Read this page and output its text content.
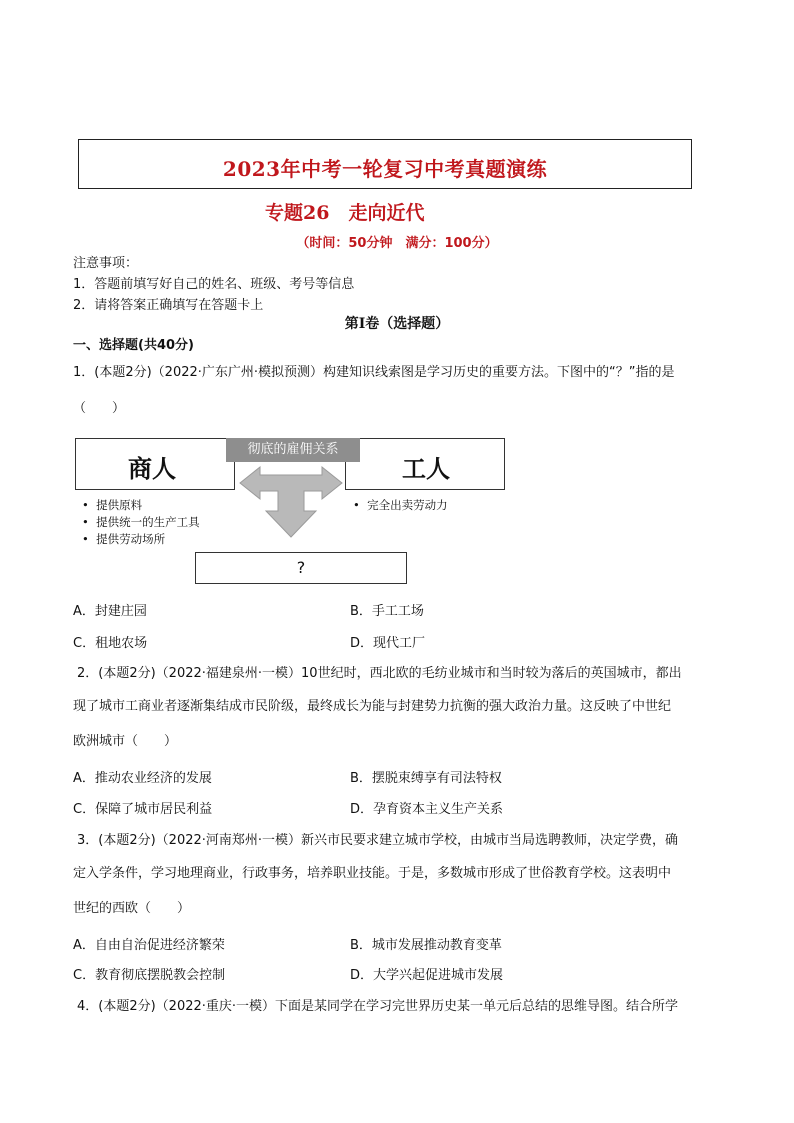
2023年中考一轮复习中考真题演练
专题26　走向近代
（时间：50分钟　满分：100分）
注意事项：
1．答题前填写好自己的姓名、班级、考号等信息
2．请将答案正确填写在答题卡上
第I卷（选择题）
一、选择题(共40分)
1．(本题2分)（2022·广东广州·模拟预测）构建知识线索图是学习历史的重要方法。下图中的“？”指的是
（　　）
商人	工人
彻底的雇佣关系
•  提供原料
•  提供统一的生产工具
•  提供劳动场所
•  完全出卖劳动力
?
A．封建庄园	B．手工工场
C．租地农场	D．现代工厂
2．(本题2分)（2022·福建泉州·一模）10世纪时，西北欧的毛纺业城市和当时较为落后的英国城市，都出
现了城市工商业者逐渐集结成市民阶级，最终成长为能与封建势力抗衡的强大政治力量。这反映了中世纪
欧洲城市（　　）
A．推动农业经济的发展	B．摆脱束缚享有司法特权
C．保障了城市居民利益	D．孕育资本主义生产关系
3．(本题2分)（2022·河南郑州·一模）新兴市民要求建立城市学校，由城市当局选聘教师，决定学费，确
定入学条件，学习地理商业，行政事务，培养职业技能。于是，多数城市形成了世俗教育学校。这表明中
世纪的西欧（　　）
A．自由自治促进经济繁荣	B．城市发展推动教育变革
C．教育彻底摆脱教会控制	D．大学兴起促进城市发展
4．(本题2分)（2022·重庆·一模）下面是某同学在学习完世界历史某一单元后总结的思维导图。结合所学
